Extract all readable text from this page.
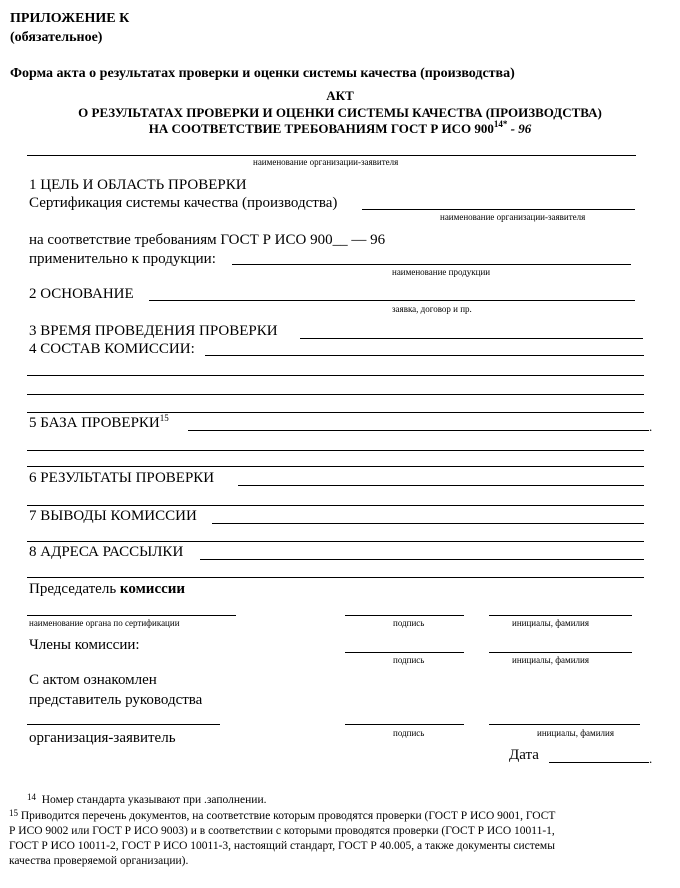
ПРИЛОЖЕНИЕ К
(обязательное)
Форма акта о результатах проверки и оценки системы качества (производства)
АКТ
О РЕЗУЛЬТАТАХ ПРОВЕРКИ И ОЦЕНКИ СИСТЕМЫ КАЧЕСТВА (ПРОИЗВОДСТВА)
НА СООТВЕТСТВИЕ ТРЕБОВАНИЯМ ГОСТ Р ИСО $900^{14*} - 96$
наименование организации-заявителя
1 ЦЕЛЬ И ОБЛАСТЬ ПРОВЕРКИ
Сертификация системы качества (производства)
наименование организации-заявителя
на соответствие требованиям ГОСТ Р ИСО 900__ — 96
применительно к продукции:
наименование продукции
2 ОСНОВАНИЕ
заявка, договор и пр.
3 ВРЕМЯ ПРОВЕДЕНИЯ ПРОВЕРКИ
4 СОСТАВ КОМИССИИ:
5 БАЗА ПРОВЕРКИ$^{15}$
.
6 РЕЗУЛЬТАТЫ ПРОВЕРКИ
7 ВЫВОДЫ КОМИССИИ
8 АДРЕСА РАССЫЛКИ
Председатель комиссии
наименование органа по сертификации	подпись	инициалы, фамилия
Члены комиссии:
подпись	инициалы, фамилия
С актом ознакомлен
представитель руководства
подпись	инициалы, фамилия
организация-заявитель
Дата	.
$^{14}$ Номер стандарта указывают при .заполнении.
$^{15}$ Приводится перечень документов, на соответствие которым проводятся проверки (ГОСТ Р ИСО 9001, ГОСТ
Р ИСО 9002 или ГОСТ Р ИСО 9003) и в соответствии с которыми проводятся проверки (ГОСТ Р ИСО 10011-1,
ГОСТ Р ИСО 10011-2, ГОСТ Р ИСО 10011-3, настоящий стандарт, ГОСТ Р 40.005, а также документы системы
качества проверяемой организации).
